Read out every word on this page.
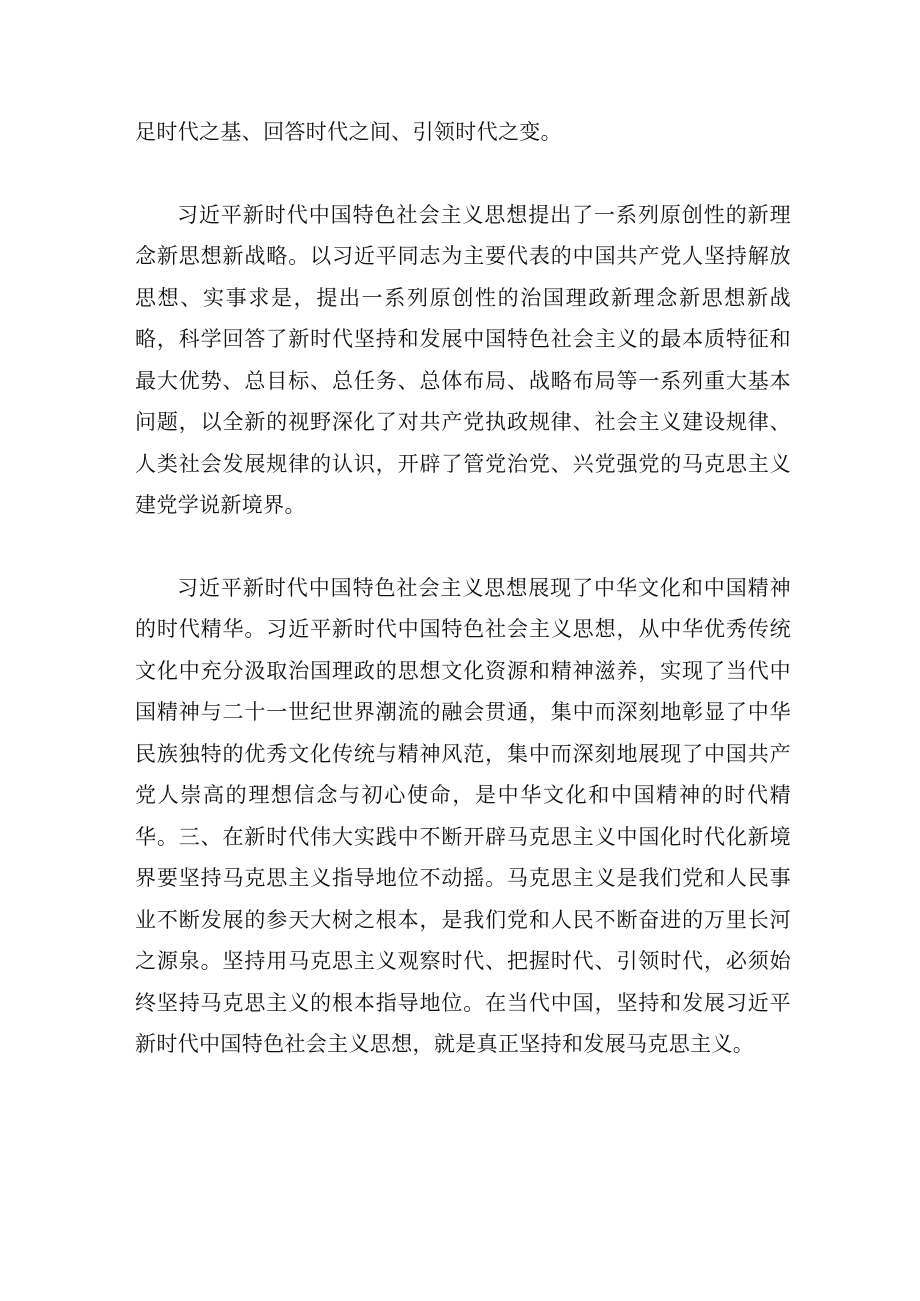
足时代之基、回答时代之间、引领时代之变。

习近平新时代中国特色社会主义思想提出了一系列原创性的新理念新思想新战略。以习近平同志为主要代表的中国共产党人坚持解放思想、实事求是，提出一系列原创性的治国理政新理念新思想新战略，科学回答了新时代坚持和发展中国特色社会主义的最本质特征和最大优势、总目标、总任务、总体布局、战略布局等一系列重大基本问题，以全新的视野深化了对共产党执政规律、社会主义建设规律、人类社会发展规律的认识，开辟了管党治党、兴党强党的马克思主义建党学说新境界。

习近平新时代中国特色社会主义思想展现了中华文化和中国精神的时代精华。习近平新时代中国特色社会主义思想，从中华优秀传统文化中充分汲取治国理政的思想文化资源和精神滋养，实现了当代中国精神与二十一世纪世界潮流的融会贯通，集中而深刻地彰显了中华民族独特的优秀文化传统与精神风范，集中而深刻地展现了中国共产党人崇高的理想信念与初心使命，是中华文化和中国精神的时代精华。三、在新时代伟大实践中不断开辟马克思主义中国化时代化新境界要坚持马克思主义指导地位不动摇。马克思主义是我们党和人民事业不断发展的参天大树之根本，是我们党和人民不断奋进的万里长河之源泉。坚持用马克思主义观察时代、把握时代、引领时代，必须始终坚持马克思主义的根本指导地位。在当代中国，坚持和发展习近平新时代中国特色社会主义思想，就是真正坚持和发展马克思主义。
